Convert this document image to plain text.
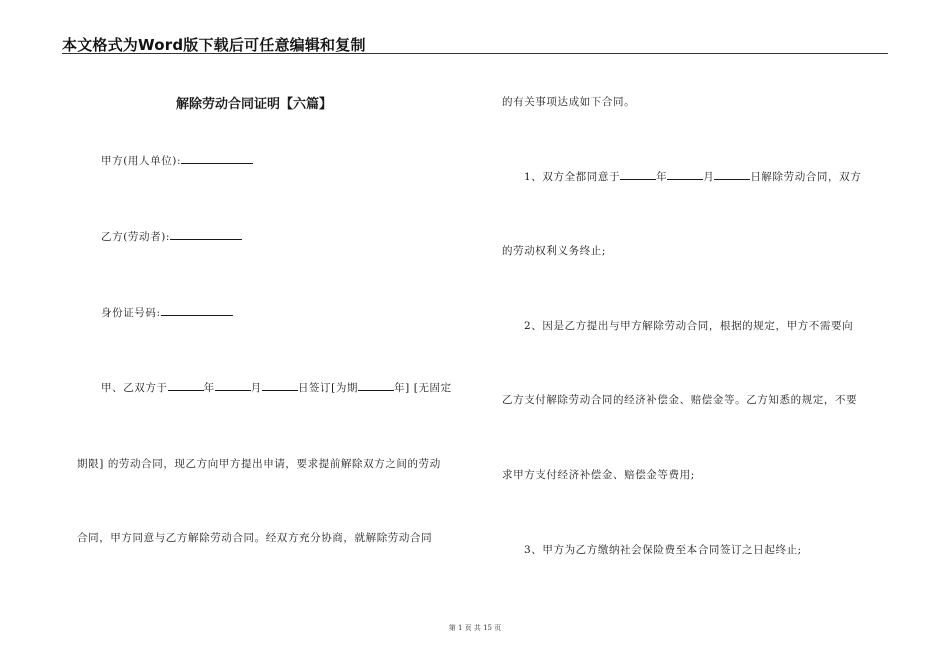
本文格式为Word版下载后可任意编辑和复制
解除劳动合同证明【六篇】
甲方(用人单位):
乙方(劳动者):
身份证号码:
甲、乙双方于	年	月	日签订[为期	年] [无固定
期限] 的劳动合同，现乙方向甲方提出申请，要求提前解除双方之间的劳动
合同，甲方同意与乙方解除劳动合同。经双方充分协商，就解除劳动合同
的有关事项达成如下合同。
1、双方全都同意于	年	月	日解除劳动合同，双方
的劳动权利义务终止;
2、因是乙方提出与甲方解除劳动合同，根据的规定，甲方不需要向
乙方支付解除劳动合同的经济补偿金、赔偿金等。乙方知悉的规定，不要
求甲方支付经济补偿金、赔偿金等费用;
3、甲方为乙方缴纳社会保险费至本合同签订之日起终止;
第 1 页 共 15 页
